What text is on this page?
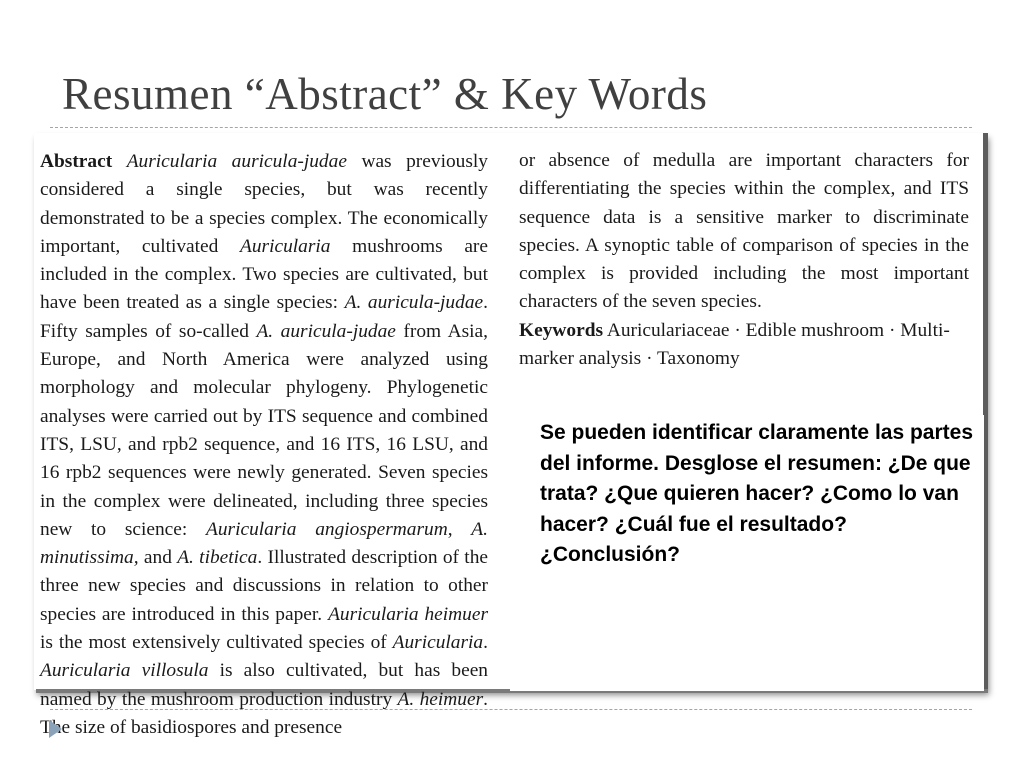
Resumen “Abstract” & Key Words
Abstract Auricularia auricula-judae was previously considered a single species, but was recently demonstrated to be a species complex. The economically important, cultivated Auricularia mushrooms are included in the complex. Two species are cultivated, but have been treated as a single species: A. auricula-judae. Fifty samples of so-called A. auricula-judae from Asia, Europe, and North America were analyzed using morphology and molecular phylogeny. Phylogenetic analyses were carried out by ITS sequence and combined ITS, LSU, and rpb2 sequence, and 16 ITS, 16 LSU, and 16 rpb2 sequences were newly generated. Seven species in the complex were delineated, including three species new to science: Auricularia angiospermarum, A. minutissima, and A. tibetica. Illustrated description of the three new species and discussions in relation to other species are introduced in this paper. Auricularia heimuer is the most extensively cultivated species of Auricularia. Auricularia villosula is also cultivated, but has been named by the mushroom production industry A. heimuer. The size of basidiospores and presence
or absence of medulla are important characters for differentiating the species within the complex, and ITS sequence data is a sensitive marker to discriminate species. A synoptic table of comparison of species in the complex is provided including the most important characters of the seven species.
Keywords Auriculariaceae · Edible mushroom · Multi-marker analysis · Taxonomy
Se pueden identificar claramente las partes del informe. Desglose el resumen: ¿De que trata? ¿Que quieren hacer? ¿Como lo van hacer? ¿Cuál fue el resultado? ¿Conclusión?
